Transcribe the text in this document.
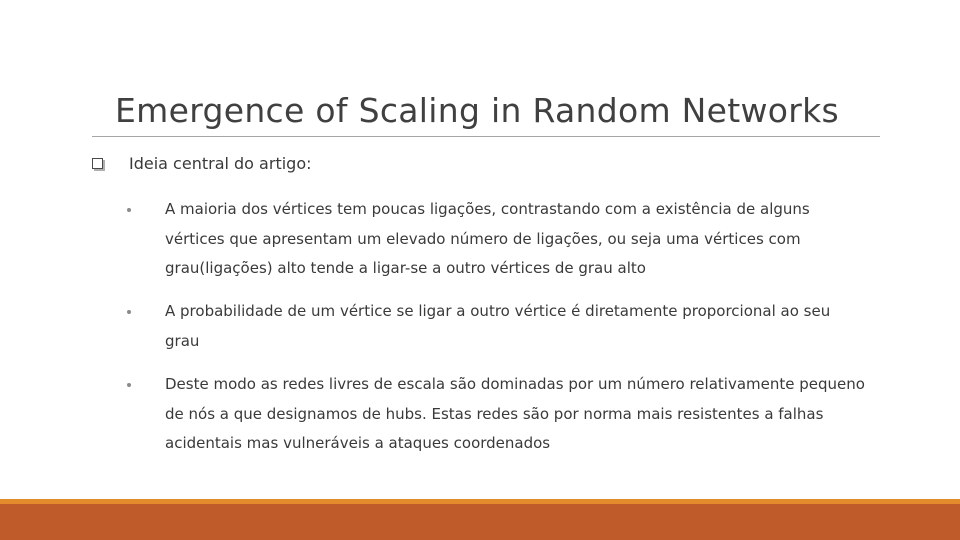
Emergence of Scaling in Random Networks
Ideia central do artigo:
A maioria dos vértices tem poucas ligações, contrastando com a existência de alguns vértices que apresentam um elevado número de ligações, ou seja uma vértices com grau(ligações) alto tende a ligar-se a outro vértices de grau alto
A probabilidade de um vértice se ligar a outro vértice é diretamente proporcional ao seu grau
Deste modo as redes livres de escala são dominadas por um número relativamente pequeno de nós a que designamos de hubs. Estas redes são por norma mais resistentes a falhas acidentais mas vulneráveis a ataques coordenados
